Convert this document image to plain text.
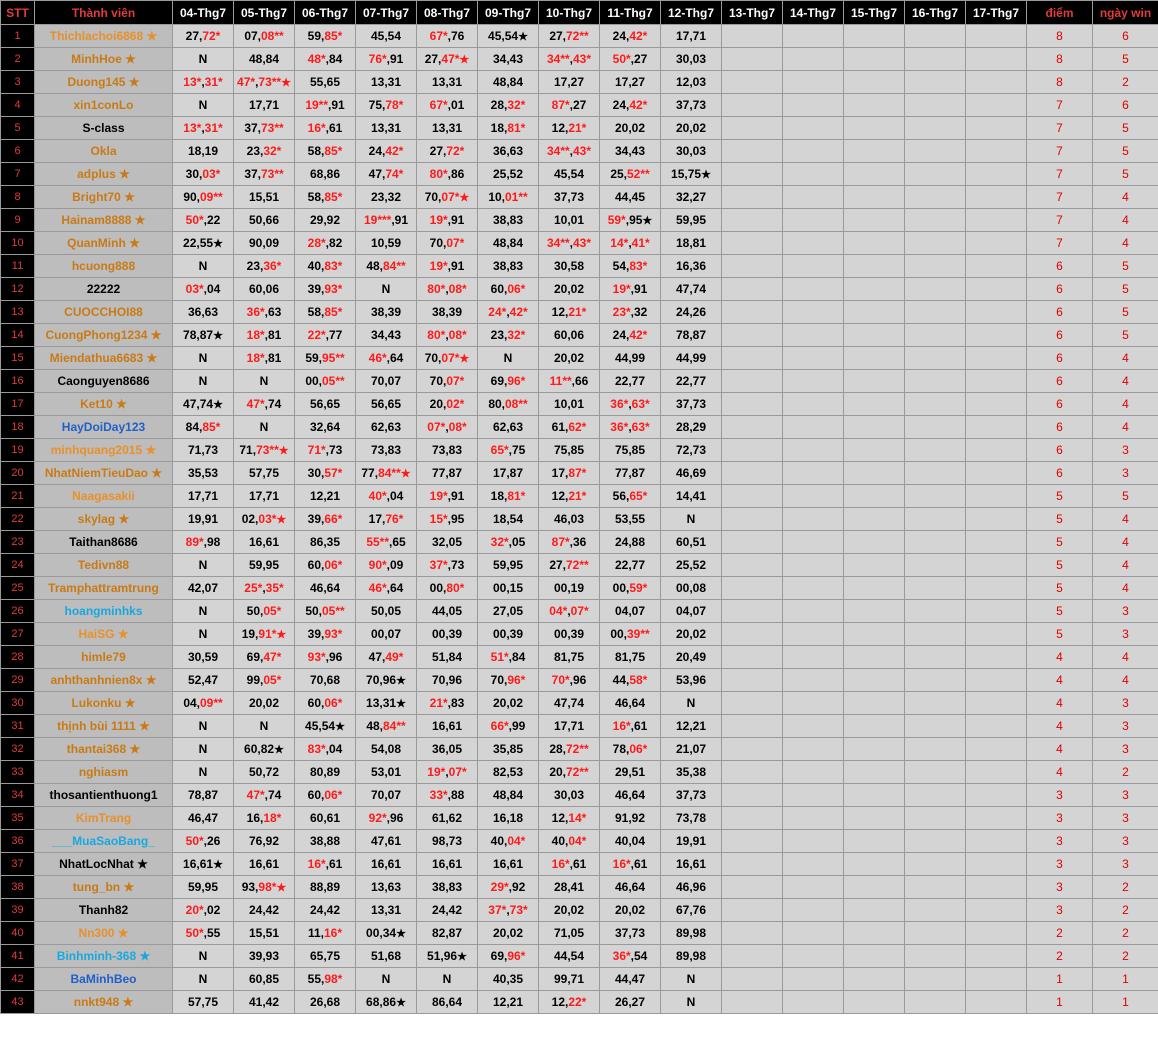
STT	Thành viên	04-Thg7	05-Thg7	06-Thg7	07-Thg7	08-Thg7	09-Thg7	10-Thg7	11-Thg7	12-Thg7	13-Thg7	14-Thg7	15-Thg7	16-Thg7	17-Thg7	điểm	ngày win
1	Thichlachoi6868 ★	27,72*	07,08**	59,85*	45,54	67*,76	45,54★	27,72**	24,42*	17,71						8	6
2	MinhHoe ★	N	48,84	48*,84	76*,91	27,47*★	34,43	34**,43*	50*,27	30,03						8	5
3	Duong145 ★	13*,31*	47*,73**★	55,65	13,31	13,31	48,84	17,27	17,27	12,03						8	2
4	xin1conLo	N	17,71	19**,91	75,78*	67*,01	28,32*	87*,27	24,42*	37,73						7	6
5	S-class	13*,31*	37,73**	16*,61	13,31	13,31	18,81*	12,21*	20,02	20,02						7	5
6	Okla	18,19	23,32*	58,85*	24,42*	27,72*	36,63	34**,43*	34,43	30,03						7	5
7	adplus ★	30,03*	37,73**	68,86	47,74*	80*,86	25,52	45,54	25,52**	15,75★						7	5
8	Bright70 ★	90,09**	15,51	58,85*	23,32	70,07*★	10,01**	37,73	44,45	32,27						7	4
9	Hainam8888 ★	50*,22	50,66	29,92	19***,91	19*,91	38,83	10,01	59*,95★	59,95						7	4
10	QuanMinh ★	22,55★	90,09	28*,82	10,59	70,07*	48,84	34**,43*	14*,41*	18,81						7	4
11	hcuong888	N	23,36*	40,83*	48,84**	19*,91	38,83	30,58	54,83*	16,36						6	5
12	22222	03*,04	60,06	39,93*	N	80*,08*	60,06*	20,02	19*,91	47,74						6	5
13	CUOCCHOI88	36,63	36*,63	58,85*	38,39	38,39	24*,42*	12,21*	23*,32	24,26						6	5
14	CuongPhong1234 ★	78,87★	18*,81	22*,77	34,43	80*,08*	23,32*	60,06	24,42*	78,87						6	5
15	Miendathua6683 ★	N	18*,81	59,95**	46*,64	70,07*★	N	20,02	44,99	44,99						6	4
16	Caonguyen8686	N	N	00,05**	70,07	70,07*	69,96*	11**,66	22,77	22,77						6	4
17	Ket10 ★	47,74★	47*,74	56,65	56,65	20,02*	80,08**	10,01	36*,63*	37,73						6	4
18	HayDoiDay123	84,85*	N	32,64	62,63	07*,08*	62,63	61,62*	36*,63*	28,29						6	4
19	minhquang2015 ★	71,73	71,73**★	71*,73	73,83	73,83	65*,75	75,85	75,85	72,73						6	3
20	NhatNiemTieuDao ★	35,53	57,75	30,57*	77,84**★	77,87	17,87	17,87*	77,87	46,69						6	3
21	Naagasakii	17,71	17,71	12,21	40*,04	19*,91	18,81*	12,21*	56,65*	14,41						5	5
22	skylag ★	19,91	02,03*★	39,66*	17,76*	15*,95	18,54	46,03	53,55	N						5	4
23	Taithan8686	89*,98	16,61	86,35	55**,65	32,05	32*,05	87*,36	24,88	60,51						5	4
24	Tedivn88	N	59,95	60,06*	90*,09	37*,73	59,95	27,72**	22,77	25,52						5	4
25	Tramphattramtrung	42,07	25*,35*	46,64	46*,64	00,80*	00,15	00,19	00,59*	00,08						5	4
26	hoangminhks	N	50,05*	50,05**	50,05	44,05	27,05	04*,07*	04,07	04,07						5	3
27	HaiSG ★	N	19,91*★	39,93*	00,07	00,39	00,39	00,39	00,39**	20,02						5	3
28	himle79	30,59	69,47*	93*,96	47,49*	51,84	51*,84	81,75	81,75	20,49						4	4
29	anhthanhnien8x ★	52,47	99,05*	70,68	70,96★	70,96	70,96*	70*,96	44,58*	53,96						4	4
30	Lukonku ★	04,09**	20,02	60,06*	13,31★	21*,83	20,02	47,74	46,64	N						4	3
31	thịnh bùi 1111 ★	N	N	45,54★	48,84**	16,61	66*,99	17,71	16*,61	12,21						4	3
32	thantai368 ★	N	60,82★	83*,04	54,08	36,05	35,85	28,72**	78,06*	21,07						4	3
33	nghiasm	N	50,72	80,89	53,01	19*,07*	82,53	20,72**	29,51	35,38						4	2
34	thosantienthuong1	78,87	47*,74	60,06*	70,07	33*,88	48,84	30,03	46,64	37,73						3	3
35	KimTrang	46,47	16,18*	60,61	92*,96	61,62	16,18	12,14*	91,92	73,78						3	3
36	___MuaSaoBang_	50*,26	76,92	38,88	47,61	98,73	40,04*	40,04*	40,04	19,91						3	3
37	NhatLocNhat ★	16,61★	16,61	16*,61	16,61	16,61	16,61	16*,61	16*,61	16,61						3	3
38	tung_bn ★	59,95	93,98*★	88,89	13,63	38,83	29*,92	28,41	46,64	46,96						3	2
39	Thanh82	20*,02	24,42	24,42	13,31	24,42	37*,73*	20,02	20,02	67,76						3	2
40	Nn300 ★	50*,55	15,51	11,16*	00,34★	82,87	20,02	71,05	37,73	89,98						2	2
41	Binhminh-368 ★	N	39,93	65,75	51,68	51,96★	69,96*	44,54	36*,54	89,98						2	2
42	BaMinhBeo	N	60,85	55,98*	N	N	40,35	99,71	44,47	N						1	1
43	nnkt948 ★	57,75	41,42	26,68	68,86★	86,64	12,21	12,22*	26,27	N						1	1
